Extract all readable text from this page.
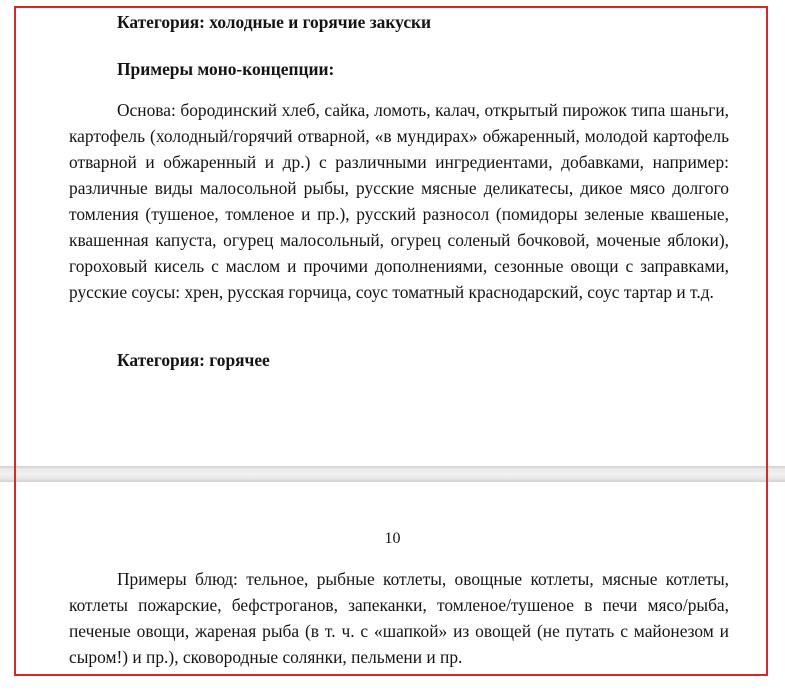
Категория: холодные и горячие закуски

Примеры моно-концепции:

Основа: бородинский хлеб, сайка, ломоть, калач, открытый пирожок типа шаньги, картофель (холодный/горячий отварной, «в мундирах» обжаренный, молодой картофель отварной и обжаренный и др.) с различными ингредиентами, добавками, например: различные виды малосольной рыбы, русские мясные деликатесы, дикое мясо долгого томления (тушеное, томленое и пр.), русский разносол (помидоры зеленые квашеные, квашенная капуста, огурец малосольный, огурец соленый бочковой, моченые яблоки), гороховый кисель с маслом и прочими дополнениями, сезонные овощи с заправками, русские соусы: хрен, русская горчица, соус томатный краснодарский, соус тартар и т.д.

Категория: горячее

10

Примеры блюд: тельное, рыбные котлеты, овощные котлеты, мясные котлеты, котлеты пожарские, бефстроганов, запеканки, томленое/тушеное в печи мясо/рыба, печеные овощи, жареная рыба (в т. ч. с «шапкой» из овощей (не путать с майонезом и сыром!) и пр.), сковородные солянки, пельмени и пр.
